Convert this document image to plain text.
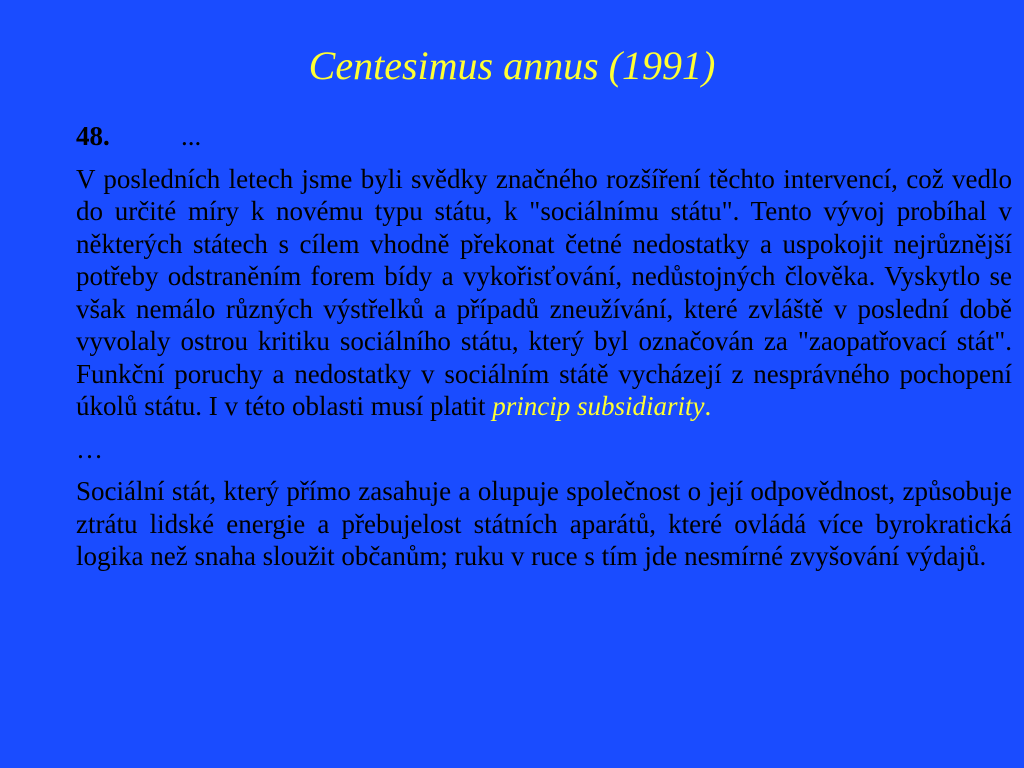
Centesimus annus (1991)
48.	...
V posledních letech jsme byli svědky značného rozšíření těchto intervencí, což vedlo do určité míry k novému typu státu, k "sociálnímu státu". Tento vývoj probíhal v některých státech s cílem vhodně překonat četné nedostatky a uspokojit nejrůznější potřeby odstraněním forem bídy a vykořisťování, nedůstojných člověka. Vyskytlo se však nemálo různých výstřelků a případů zneužívání, které zvláště v poslední době vyvolaly ostrou kritiku sociálního státu, který byl označován za "zaopatřovací stát". Funkční poruchy a nedostatky v sociálním státě vycházejí z nesprávného pochopení úkolů státu. I v této oblasti musí platit princip subsidiarity.
…
Sociální stát, který přímo zasahuje a olupuje společnost o její odpovědnost, způsobuje ztrátu lidské energie a přebujelost státních aparátů, které ovládá více byrokratická logika než snaha sloužit občanům; ruku v ruce s tím jde nesmírné zvyšování výdajů.
